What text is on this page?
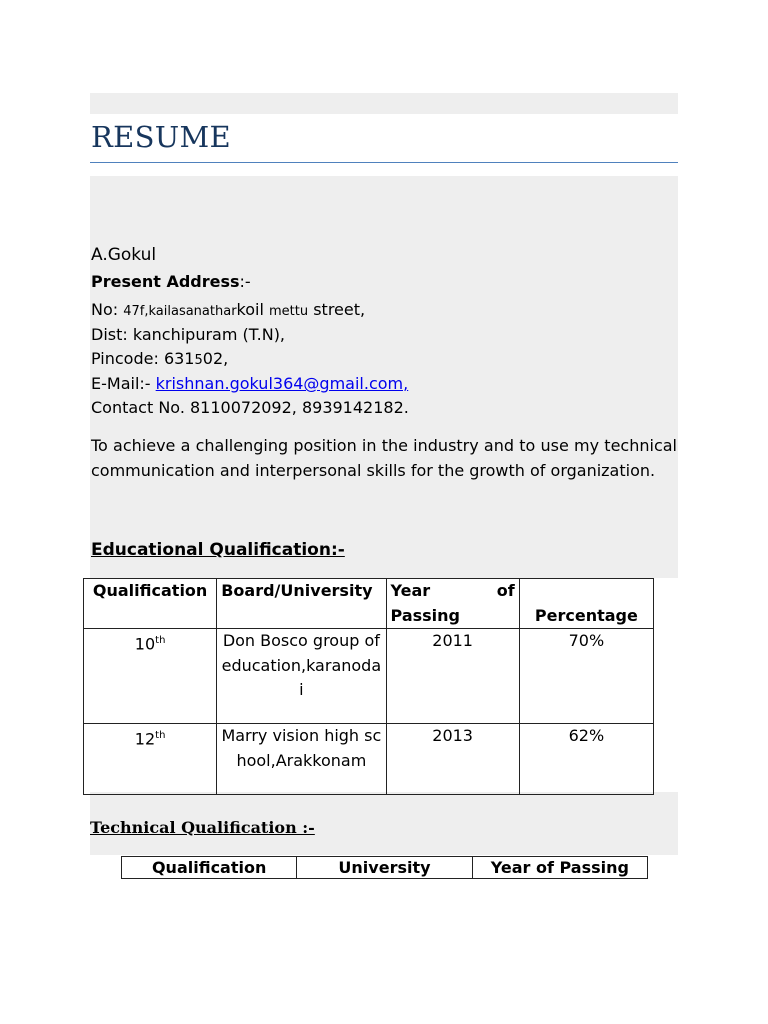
RESUME
A.Gokul
Present Address:-
No: 47f,kailasanatharkoil mettu street,
Dist: kanchipuram (T.N),
Pincode: 631502,
E-Mail:- krishnan.gokul364@gmail.com,
Contact No. 8110072092, 8939142182.
To achieve a challenging position in the industry and to use my technical communication and interpersonal skills for the growth of organization.
Educational Qualification:-
Qualification	Board/University	Year of Passing	Percentage
10th	Don Bosco group of education,karanodai	2011	70%
12th	Marry vision high school,Arakkonam	2013	62%
Technical Qualification :-
Qualification	University	Year of Passing
